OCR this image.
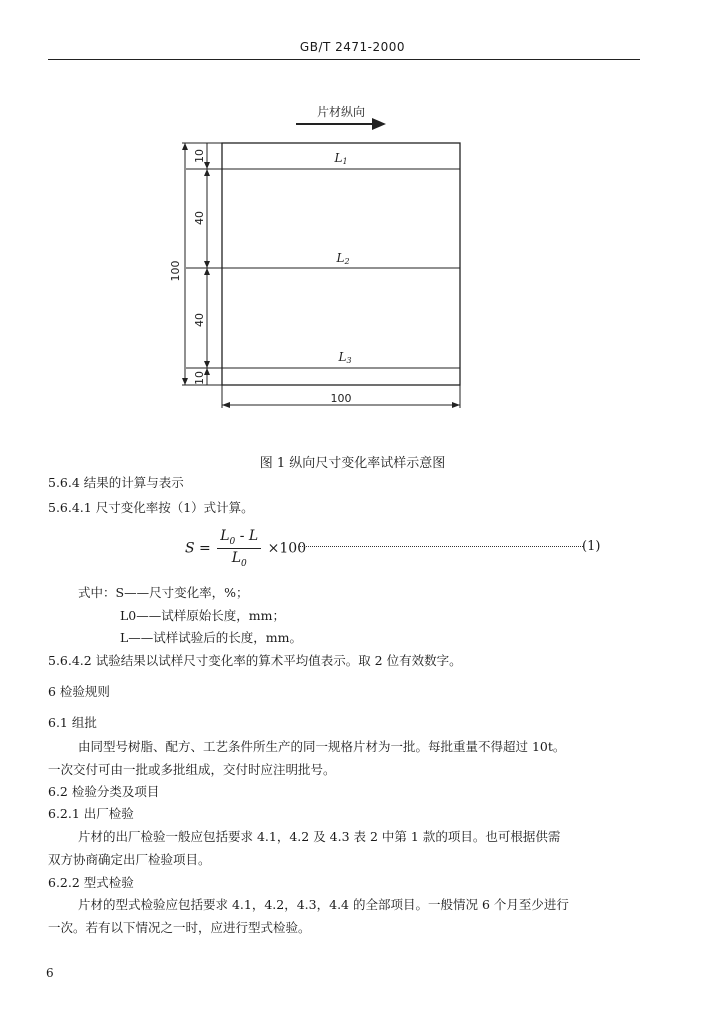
GB/T 2471-2000
片材纵向
L1
L2
L3
10
40
100
40
10
100
图 1 纵向尺寸变化率试样示意图
5.6.4 结果的计算与表示
5.6.4.1 尺寸变化率按（1）式计算。
$S = \frac{L_0 - L}{L_0} \times 100$	(1)
式中：S——尺寸变化率，%；
L0——试样原始长度，mm；
L——试样试验后的长度，mm。
5.6.4.2 试验结果以试样尺寸变化率的算术平均值表示。取 2 位有效数字。
6 检验规则
6.1 组批
由同型号树脂、配方、工艺条件所生产的同一规格片材为一批。每批重量不得超过 10t。
一次交付可由一批或多批组成，交付时应注明批号。
6.2 检验分类及项目
6.2.1 出厂检验
片材的出厂检验一般应包括要求 4.1，4.2 及 4.3 表 2 中第 1 款的项目。也可根据供需
双方协商确定出厂检验项目。
6.2.2 型式检验
片材的型式检验应包括要求 4.1，4.2，4.3，4.4 的全部项目。一般情况 6 个月至少进行
一次。若有以下情况之一时，应进行型式检验。
6
